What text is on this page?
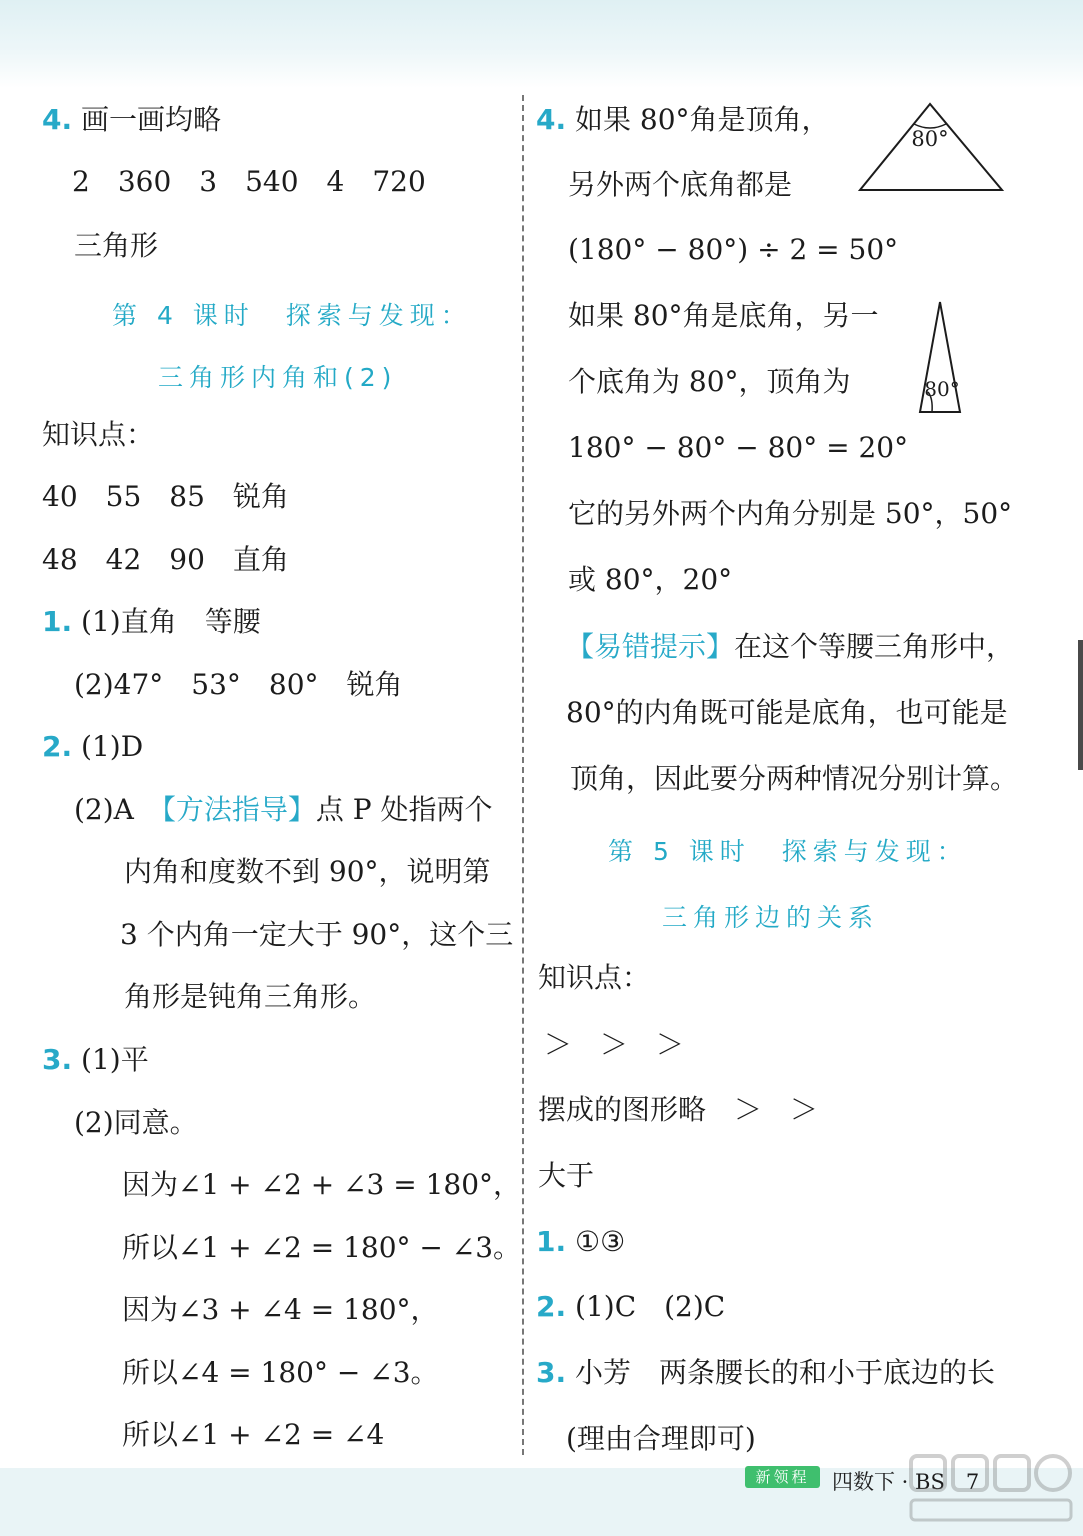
4. 画一画均略
2　360　3　540　4　720
三角形
第 4 课时　探索与发现：
三角形内角和(2)
知识点：
40　55　85　锐角
48　42　90　直角
1. (1)直角　等腰
(2)47°　53°　80°　锐角
2. (1)D
(2)A　【方法指导】点 P 处指两个
内角和度数不到 90°，说明第
3 个内角一定大于 90°，这个三
角形是钝角三角形。
3. (1)平
(2)同意。
因为∠1 + ∠2 + ∠3 = 180°，
所以∠1 + ∠2 = 180° − ∠3。
因为∠3 + ∠4 = 180°，
所以∠4 = 180° − ∠3。
所以∠1 + ∠2 = ∠4
4. 如果 80°角是顶角，
另外两个底角都是
(180° − 80°) ÷ 2 = 50°
如果 80°角是底角，另一
个底角为 80°，顶角为
180° − 80° − 80° = 20°
它的另外两个内角分别是 50°，50°
或 80°，20°
80°
80°
【易错提示】在这个等腰三角形中，
80°的内角既可能是底角，也可能是
顶角，因此要分两种情况分别计算。
第 5 课时　探索与发现：
三角形边的关系
知识点：
＞　＞　＞
摆成的图形略　＞　＞
大于
1. ①③
2. (1)C　(2)C
3. 小芳　两条腰长的和小于底边的长
(理由合理即可)
新领程	四数下 · BS　7
